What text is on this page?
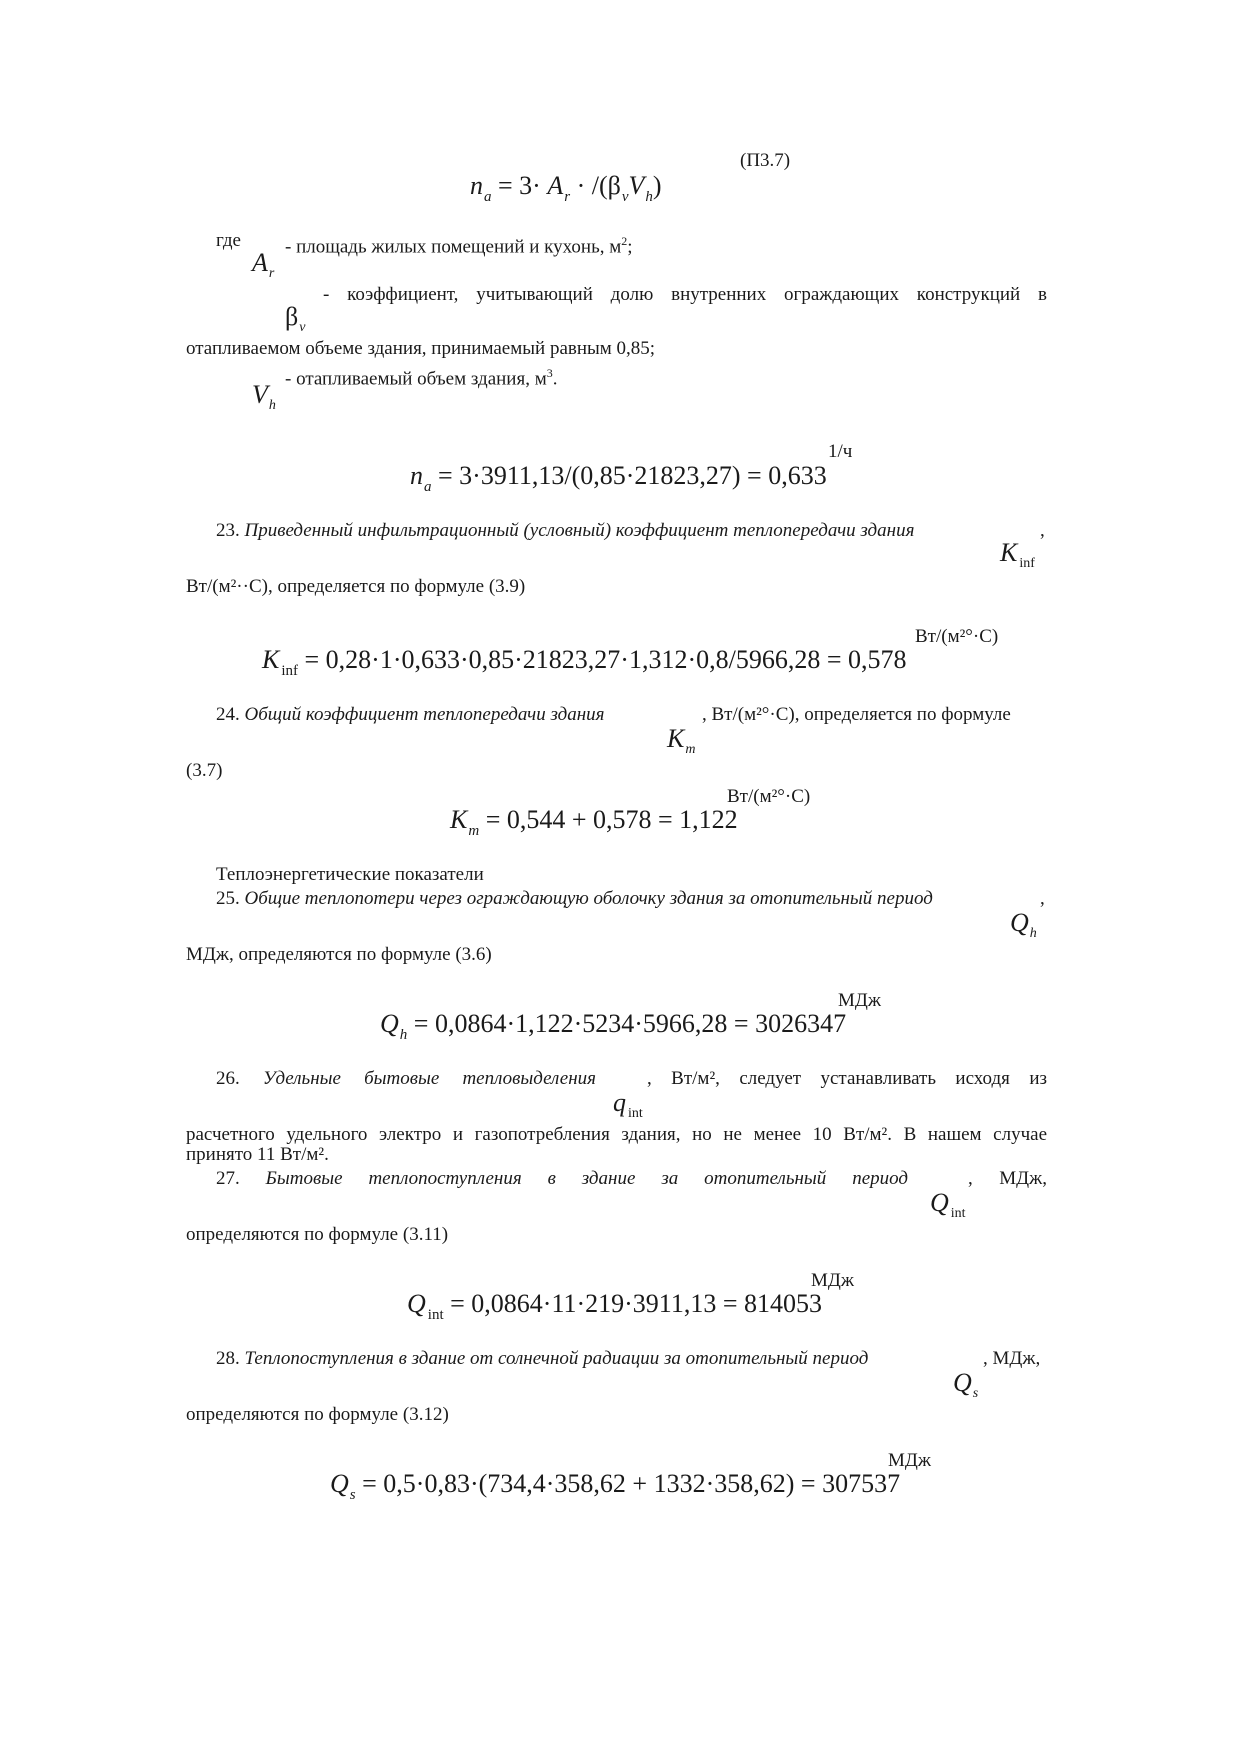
(П3.7)
$n_a = 3\cdot A_r \cdot /(\beta_vV_h)$
где - площадь жилых помещений и кухонь, $м^2$;
$A_r$
- коэффициент, учитывающий долю внутренних ограждающих конструкций в
$\beta_v$
отапливаемом объеме здания, принимаемый равным 0,85;
- отапливаемый объем здания, $м^3$.
$V_h$
1/ч
$n_a = 3\cdot 3911,13/(0,85\cdot 21823,27) = 0,633$
23. Приведенный инфильтрационный (условный) коэффициент теплопередачи здания	,
K $_{inf}$
Вт/(м²··С), определяется по формуле (3.9)
Вт/(м²°·С)
K $_{inf}$ = 0,28·1·0,633·0,85·21823,27·1,312·0,8/5966,28 = 0,578
24. Общий коэффициент теплопередачи здания	, Вт/(м²°·С), определяется по формуле
$K_m$
(3.7)
Вт/(м²°·С)
$K_m = 0,544 + 0,578 = 1,122$
Теплоэнергетические показатели
25. Общие теплопотери через ограждающую оболочку здания за отопительный период	,
$Q_h$
МДж, определяются по формуле (3.6)
МДж
$Q_h = 0,0864\cdot 1,122\cdot 5234\cdot 5966,28 = 3026347$
26. Удельные бытовые тепловыделения	, Вт/м², следует устанавливать исходя из
q $_{int}$
расчетного удельного электро и газопотребления здания, но не менее 10 Вт/м². В нашем случае
принято 11 Вт/м².
27. Бытовые теплопоступления в здание за отопительный период	, МДж,
Q $_{int}$
определяются по формуле (3.11)
МДж
Q $_{int}$ = 0,0864·11·219·3911,13 = 814053
28. Теплопоступления в здание от солнечной радиации за отопительный период	, МДж,
$Q_s$
определяются по формуле (3.12)
МДж
$Q_s = 0,5\cdot 0,83\cdot(734,4\cdot 358,62 + 1332\cdot 358,62) = 307537$
